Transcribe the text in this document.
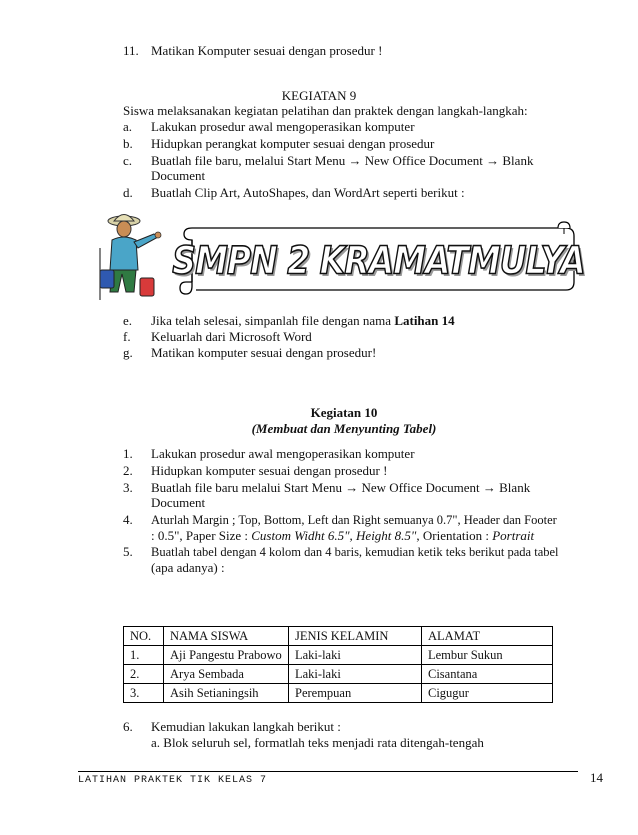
11. Matikan Komputer sesuai dengan prosedur !
KEGIATAN 9
Siswa melaksanakan kegiatan pelatihan dan praktek dengan langkah-langkah:
a.	Lakukan prosedur awal mengoperasikan komputer
b.	Hidupkan perangkat komputer sesuai dengan prosedur
c.	Buatlah file baru, melalui Start Menu → New Office Document → Blank
Document
d.	Buatlah Clip Art, AutoShapes, dan WordArt seperti berikut :
SMPN 2 KRAMATMULYA
e.	Jika telah selesai, simpanlah file dengan nama Latihan 14
f.	Keluarlah dari Microsoft Word
g.	Matikan komputer sesuai dengan prosedur!
Kegiatan 10
(Membuat dan Menyunting Tabel)
1.	Lakukan prosedur awal mengoperasikan komputer
2.	Hidupkan komputer sesuai dengan prosedur !
3.	Buatlah file baru melalui Start Menu → New Office Document → Blank
Document
4.	Aturlah Margin ; Top, Bottom, Left dan Right semuanya 0.7", Header dan Footer
: 0.5", Paper Size : Custom Widht 6.5", Height 8.5", Orientation : Portrait
5.	Buatlah tabel dengan 4 kolom dan 4 baris, kemudian ketik teks berikut pada tabel
(apa adanya) :
NO.	NAMA SISWA	JENIS KELAMIN	ALAMAT
1.	Aji Pangestu Prabowo	Laki-laki	Lembur Sukun
2.	Arya Sembada	Laki-laki	Cisantana
3.	Asih Setianingsih	Perempuan	Cigugur
6.	Kemudian lakukan langkah berikut :
a. Blok seluruh sel, formatlah teks menjadi rata ditengah-tengah
LATIHAN PRAKTEK TIK KELAS 7	14
